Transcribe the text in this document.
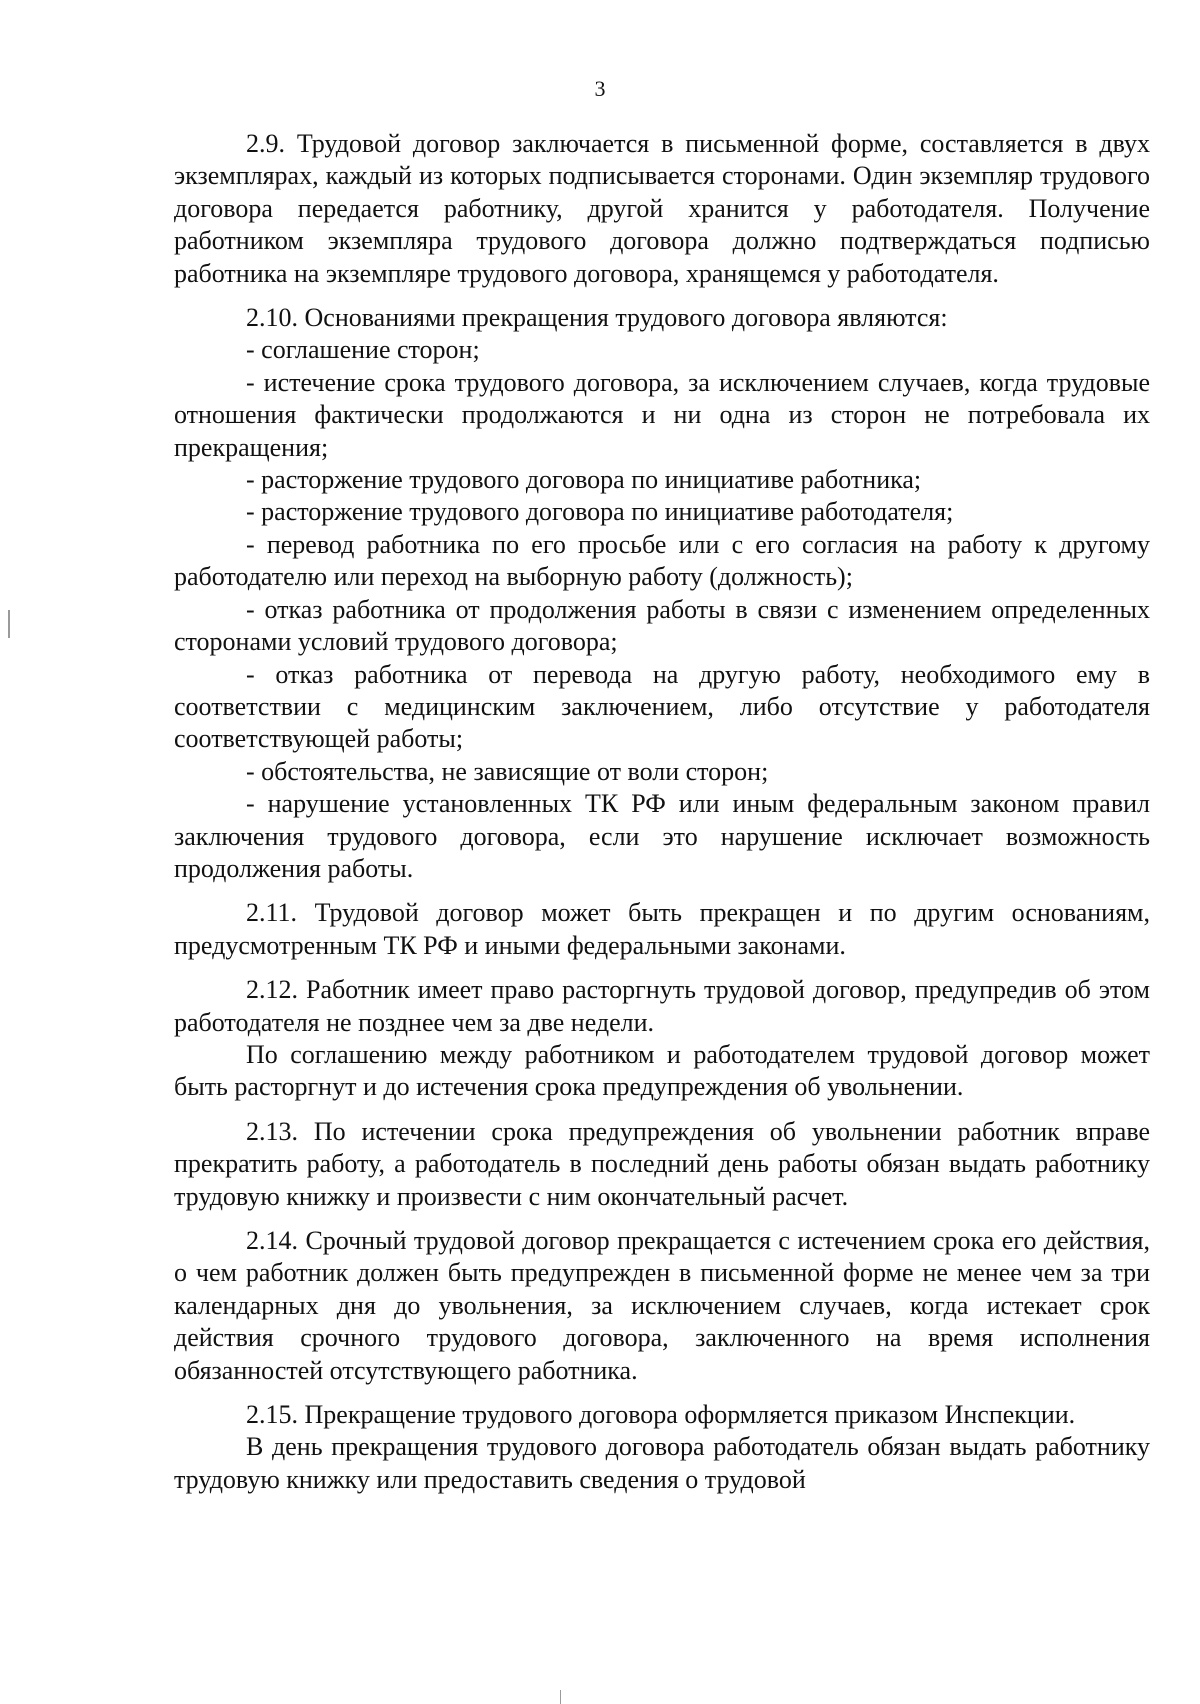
3

2.9. Трудовой договор заключается в письменной форме, составляется в двух экземплярах, каждый из которых подписывается сторонами. Один экземпляр трудового договора передается работнику, другой хранится у работодателя. Получение работником экземпляра трудового договора должно подтверждаться подписью работника на экземпляре трудового договора, хранящемся у работодателя.

2.10. Основаниями прекращения трудового договора являются:

- соглашение сторон;

- истечение срока трудового договора, за исключением случаев, когда трудовые отношения фактически продолжаются и ни одна из сторон не потребовала их прекращения;

- расторжение трудового договора по инициативе работника;

- расторжение трудового договора по инициативе работодателя;

- перевод работника по его просьбе или с его согласия на работу к другому работодателю или переход на выборную работу (должность);

- отказ работника от продолжения работы в связи с изменением определенных сторонами условий трудового договора;

- отказ работника от перевода на другую работу, необходимого ему в соответствии с медицинским заключением, либо отсутствие у работодателя соответствующей работы;

- обстоятельства, не зависящие от воли сторон;

- нарушение установленных ТК РФ или иным федеральным законом правил заключения трудового договора, если это нарушение исключает возможность продолжения работы.

2.11. Трудовой договор может быть прекращен и по другим основаниям, предусмотренным ТК РФ и иными федеральными законами.

2.12. Работник имеет право расторгнуть трудовой договор, предупредив об этом работодателя не позднее чем за две недели.

По соглашению между работником и работодателем трудовой договор может быть расторгнут и до истечения срока предупреждения об увольнении.

2.13. По истечении срока предупреждения об увольнении работник вправе прекратить работу, а работодатель в последний день работы обязан выдать работнику трудовую книжку и произвести с ним окончательный расчет.

2.14. Срочный трудовой договор прекращается с истечением срока его действия, о чем работник должен быть предупрежден в письменной форме не менее чем за три календарных дня до увольнения, за исключением случаев, когда истекает срок действия срочного трудового договора, заключенного на время исполнения обязанностей отсутствующего работника.

2.15. Прекращение трудового договора оформляется приказом Инспекции.

В день прекращения трудового договора работодатель обязан выдать работнику трудовую книжку или предоставить сведения о трудовой
